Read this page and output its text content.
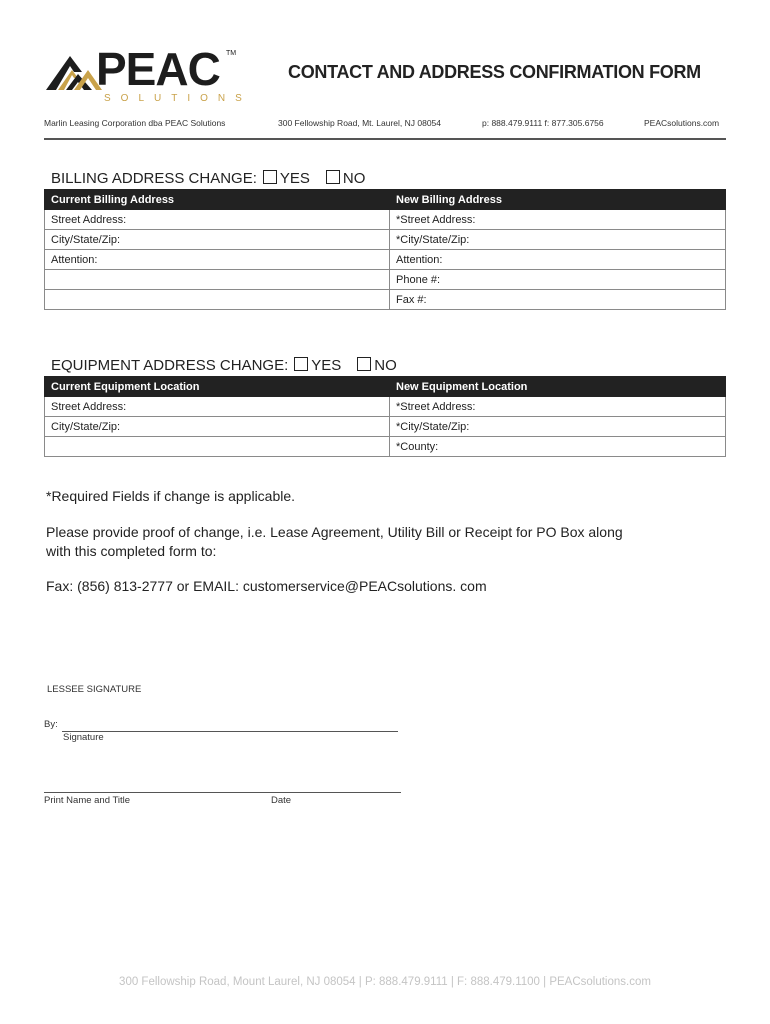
PEAC TM
SOLUTIONS
CONTACT AND ADDRESS CONFIRMATION FORM
Marlin Leasing Corporation dba PEAC Solutions	300 Fellowship Road, Mt. Laurel, NJ 08054	p: 888.479.9111 f: 877.305.6756	PEACsolutions.com
BILLING ADDRESS CHANGE: YES NO
Current Billing Address	New Billing Address
Street Address:	*Street Address:
City/State/Zip:	*City/State/Zip:
Attention:	Attention:
	Phone #:
	Fax #:
EQUIPMENT ADDRESS CHANGE: YES NO
Current Equipment Location	New Equipment Location
Street Address:	*Street Address:
City/State/Zip:	*City/State/Zip:
	*County:
*Required Fields if change is applicable.
Please provide proof of change, i.e. Lease Agreement, Utility Bill or Receipt for PO Box along
with this completed form to:
Fax: (856) 813-2777 or EMAIL: customerservice@PEACsolutions. com
LESSEE SIGNATURE
By:
Signature
Print Name and Title	Date
300 Fellowship Road, Mount Laurel, NJ 08054 | P: 888.479.9111 | F: 888.479.1100 | PEACsolutions.com
